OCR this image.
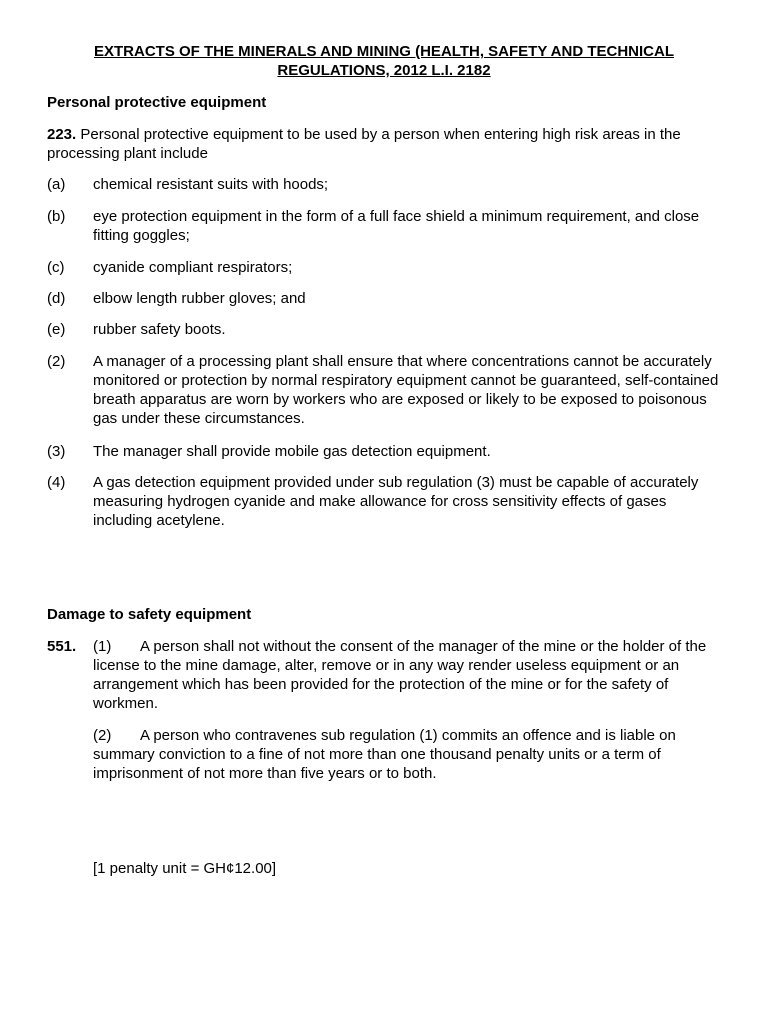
EXTRACTS OF THE MINERALS AND MINING (HEALTH, SAFETY AND TECHNICAL REGULATIONS, 2012 L.I. 2182
Personal protective equipment
223. Personal protective equipment to be used by a person when entering high risk areas in the processing plant include
(a) chemical resistant suits with hoods;
(b) eye protection equipment in the form of a full face shield a minimum requirement, and close fitting goggles;
(c) cyanide compliant respirators;
(d) elbow length rubber gloves; and
(e) rubber safety boots.
(2) A manager of a processing plant shall ensure that where concentrations cannot be accurately monitored or protection by normal respiratory equipment cannot be guaranteed, self-contained breath apparatus are worn by workers who are exposed or likely to be exposed to poisonous gas under these circumstances.
(3) The manager shall provide mobile gas detection equipment.
(4) A gas detection equipment provided under sub regulation (3) must be capable of accurately measuring hydrogen cyanide and make allowance for cross sensitivity effects of gases including acetylene.
Damage to safety equipment
551. (1) A person shall not without the consent of the manager of the mine or the holder of the license to the mine damage, alter, remove or in any way render useless equipment or an arrangement which has been provided for the protection of the mine or for the safety of workmen.
(2) A person who contravenes sub regulation (1) commits an offence and is liable on summary conviction to a fine of not more than one thousand penalty units or a term of imprisonment of not more than five years or to both.
[1 penalty unit = GH¢12.00]
